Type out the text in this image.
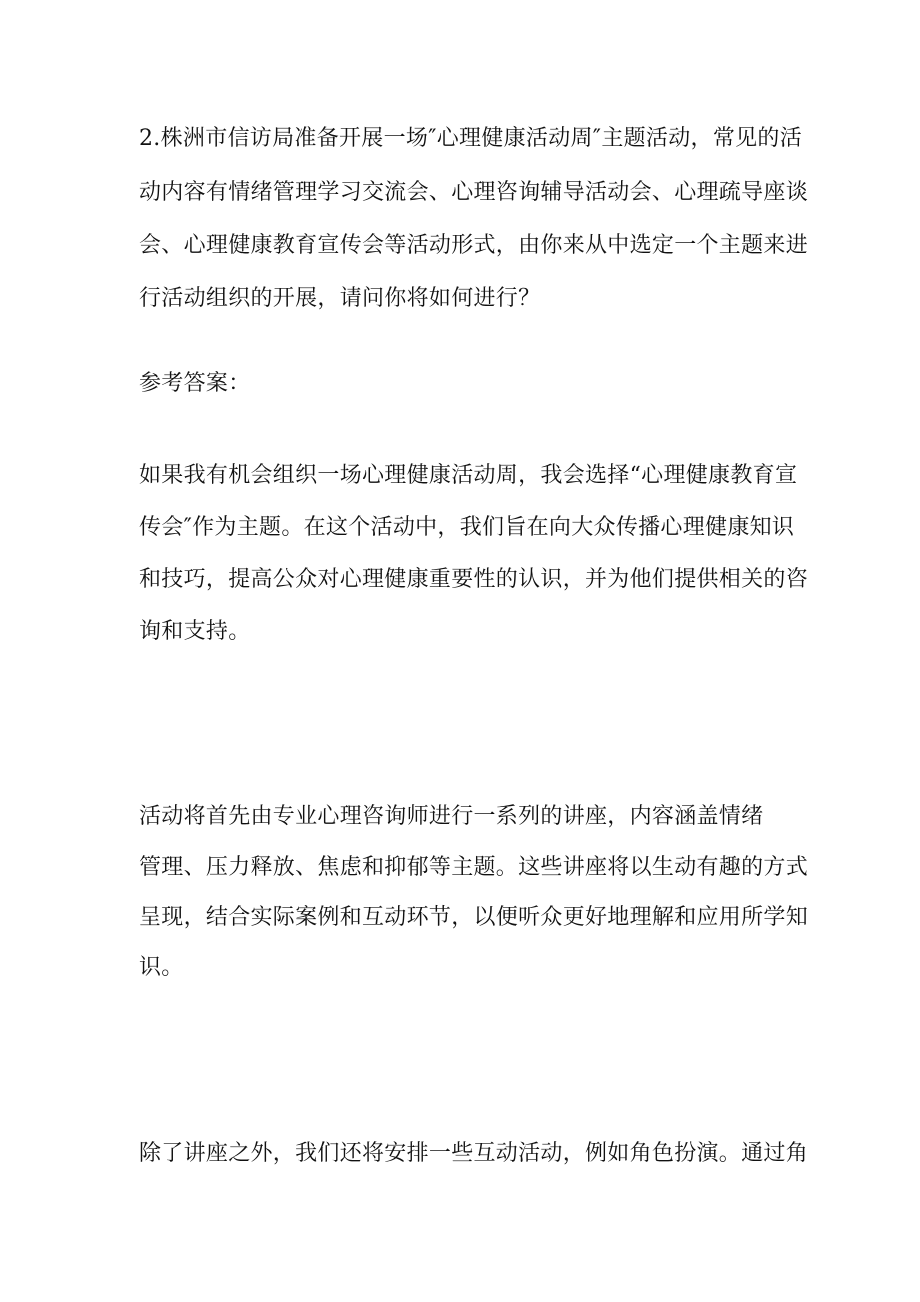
2.株洲市信访局准备开展一场″心理健康活动周″主题活动，常见的活
动内容有情绪管理学习交流会、心理咨询辅导活动会、心理疏导座谈
会、心理健康教育宣传会等活动形式，由你来从中选定一个主题来进
行活动组织的开展，请问你将如何进行？
参考答案：
如果我有机会组织一场心理健康活动周，我会选择“心理健康教育宣
传会″作为主题。在这个活动中，我们旨在向大众传播心理健康知识
和技巧，提高公众对心理健康重要性的认识，并为他们提供相关的咨
询和支持。
活动将首先由专业心理咨询师进行一系列的讲座，内容涵盖情绪
管理、压力释放、焦虑和抑郁等主题。这些讲座将以生动有趣的方式
呈现，结合实际案例和互动环节，以便听众更好地理解和应用所学知
识。
除了讲座之外，我们还将安排一些互动活动，例如角色扮演。通过角
